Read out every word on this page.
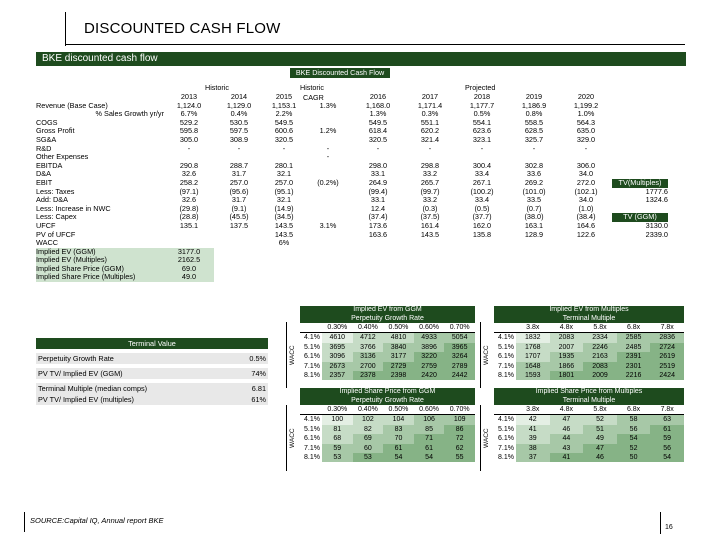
DISCOUNTED CASH FLOW
BKE discounted cash flow
BKE Discounted Cash Flow
Historic	Historic
CAGR
Projected
	2013	2014	2015		2016	2017	2018	2019	2020	
Revenue (Base Case)	1,124.0	1,129.0	1,153.1	1.3%	1,168.0	1,171.4	1,177.7	1,186.9	1,199.2	
% Sales Growth yr/yr	6.7%	0.4%	2.2%		1.3%	0.3%	0.5%	0.8%	1.0%	
COGS	529.2	530.5	549.5		549.5	551.1	554.1	558.5	564.3	
Gross Profit	595.8	597.5	600.6	1.2%	618.4	620.2	623.6	628.5	635.0	
SG&A	305.0	308.9	320.5		320.5	321.4	323.1	325.7	329.0	
R&D	-	-	-	-	-	-	-	-	-	
Other Expenses				-						
EBITDA	290.8	288.7	280.1		298.0	298.8	300.4	302.8	306.0	
D&A	32.6	31.7	32.1		33.1	33.2	33.4	33.6	34.0	
EBIT	258.2	257.0	257.0	(0.2%)	264.9	265.7	267.1	269.2	272.0	TV(Multiples)
Less: Taxes	(97.1)	(95.6)	(95.1)		(99.4)	(99.7)	(100.2)	(101.0)	(102.1)	1777.6
Add: D&A	32.6	31.7	32.1		33.1	33.2	33.4	33.5	34.0	1324.6
Less: Increase in NWC	(29.8)	(9.1)	(14.9)		12.4	(0.3)	(0.5)	(0.7)	(1.0)	
Less: Capex	(28.8)	(45.5)	(34.5)		(37.4)	(37.5)	(37.7)	(38.0)	(38.4)	TV (GGM)
UFCF	135.1	137.5	143.5	3.1%	173.6	161.4	162.0	163.1	164.6	3130.0
PV of UFCF			143.5		163.6	143.5	135.8	128.9	122.6	2339.0
WACC			6%							
Implied EV (GGM)	3177.0									
Implied EV (Multiples)	2162.5									
Implied Share Price (GGM)	69.0									
Implied Share Price (Multiples)	49.0									
Terminal Value	

Perpetuity Growth Rate	0.5%

PV TV/ Implied EV (GGM)	74%

Terminal Multiple (median comps)	6.81
PV TV/ Implied EV (multiples)	61%
WACC
Implied EV from GGM
Perpetuity Growth Rate
	0.30%	0.40%	0.50%	0.60%	0.70%
4.1%	4610	4712	4810	4933	5054
5.1%	3695	3766	3840	3896	3965
6.1%	3096	3136	3177	3220	3264
7.1%	2673	2700	2729	2759	2789
8.1%	2357	2378	2398	2420	2442
WACC
Implied EV from Multiples
Terminal Multiple
	3.8x	4.8x	5.8x	6.8x	7.8x
4.1%	1832	2083	2334	2585	2836
5.1%	1768	2007	2246	2485	2724
6.1%	1707	1935	2163	2391	2619
7.1%	1648	1866	2083	2301	2519
8.1%	1593	1801	2009	2216	2424
WACC
Implied Share Price from GGM
Perpetuity Growth Rate
	0.30%	0.40%	0.50%	0.60%	0.70%
4.1%	100	102	104	106	109
5.1%	81	82	83	85	86
6.1%	68	69	70	71	72
7.1%	59	60	61	61	62
8.1%	53	53	54	54	55
WACC
Implied Share Price from Multiples
Terminal Multiple
	3.8x	4.8x	5.8x	6.8x	7.8x
4.1%	42	47	52	58	63
5.1%	41	46	51	56	61
6.1%	39	44	49	54	59
7.1%	38	43	47	52	56
8.1%	37	41	46	50	54
SOURCE:Capital IQ, Annual report BKE
16
